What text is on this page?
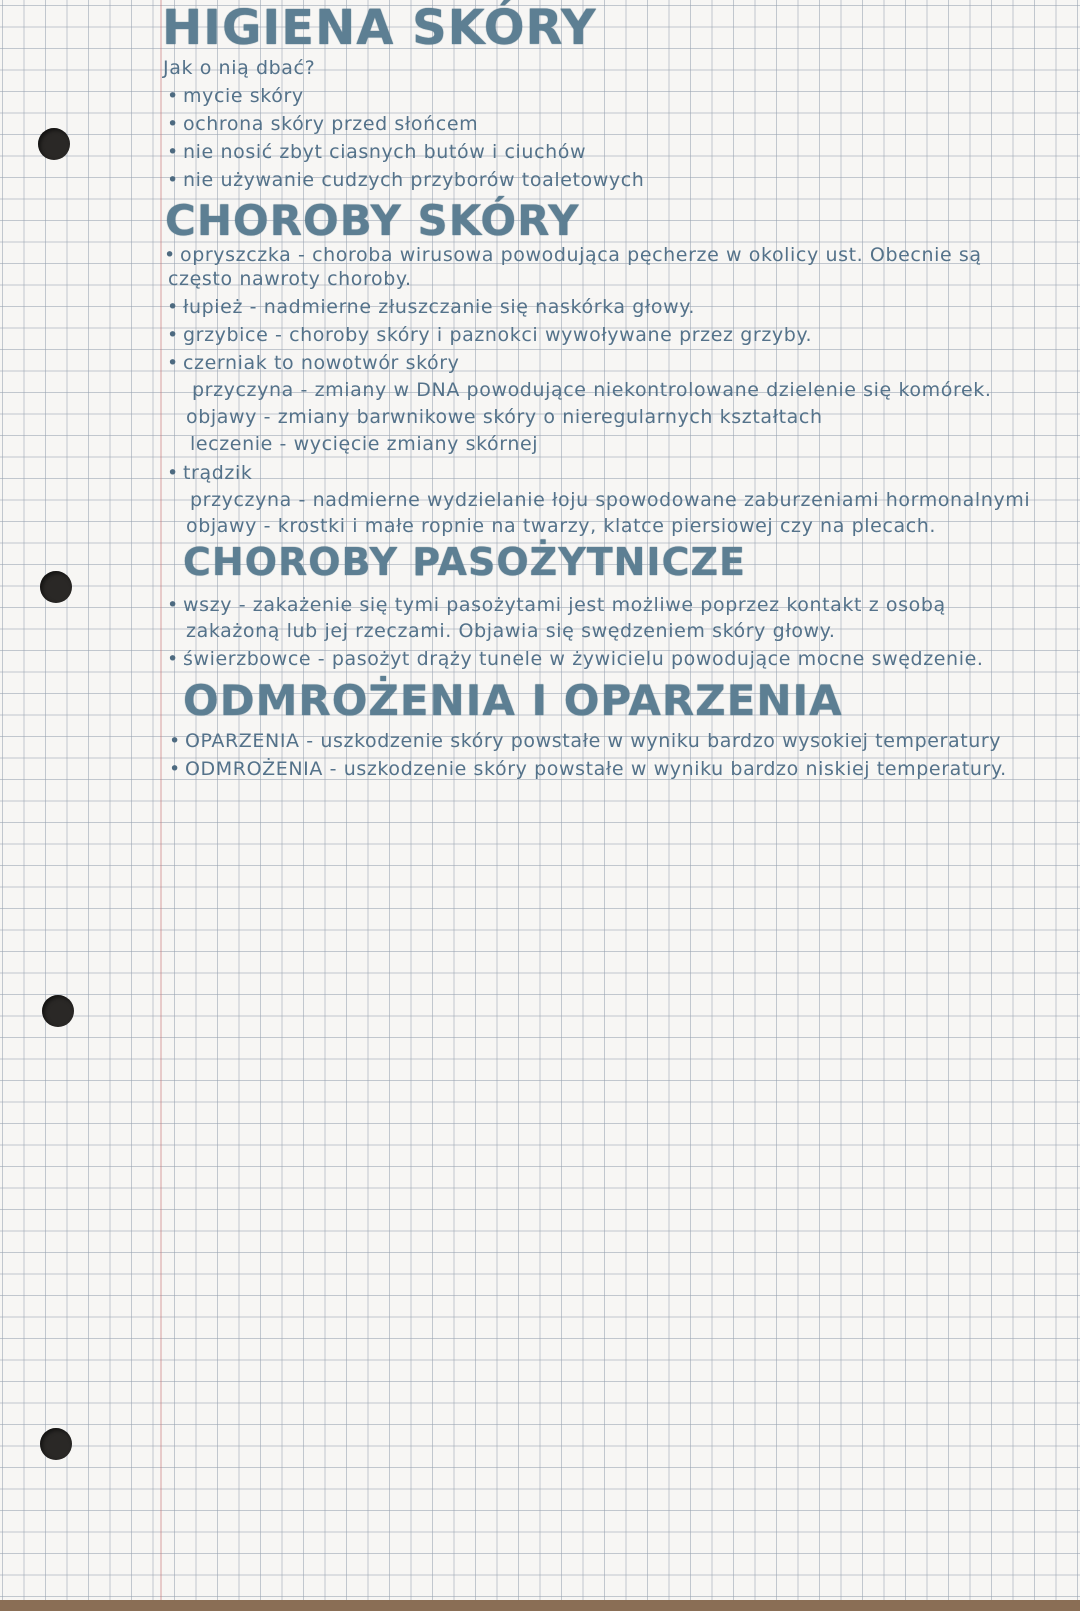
HIGIENA SKÓRY
Jak o nią dbać?
• mycie skóry
• ochrona skóry przed słońcem
• nie nosić zbyt ciasnych butów i ciuchów
• nie używanie cudzych przyborów toaletowych
CHOROBY SKÓRY
• opryszczka - choroba wirusowa powodująca pęcherze w okolicy ust. Obecnie są
często nawroty choroby.
• łupież - nadmierne złuszczanie się naskórka głowy.
• grzybice - choroby skóry i paznokci wywoływane przez grzyby.
• czerniak to nowotwór skóry
przyczyna - zmiany w DNA powodujące niekontrolowane dzielenie się komórek.
objawy - zmiany barwnikowe skóry o nieregularnych kształtach
leczenie - wycięcie zmiany skórnej
• trądzik
przyczyna - nadmierne wydzielanie łoju spowodowane zaburzeniami hormonalnymi
objawy - krostki i małe ropnie na twarzy, klatce piersiowej czy na plecach.
CHOROBY PASOŻYTNICZE
• wszy - zakażenie się tymi pasożytami jest możliwe poprzez kontakt z osobą
zakażoną lub jej rzeczami. Objawia się swędzeniem skóry głowy.
• świerzbowce - pasożyt drąży tunele w żywicielu powodujące mocne swędzenie.
ODMROŻENIA I OPARZENIA
• OPARZENIA - uszkodzenie skóry powstałe w wyniku bardzo wysokiej temperatury
• ODMROŻENIA - uszkodzenie skóry powstałe w wyniku bardzo niskiej temperatury.
